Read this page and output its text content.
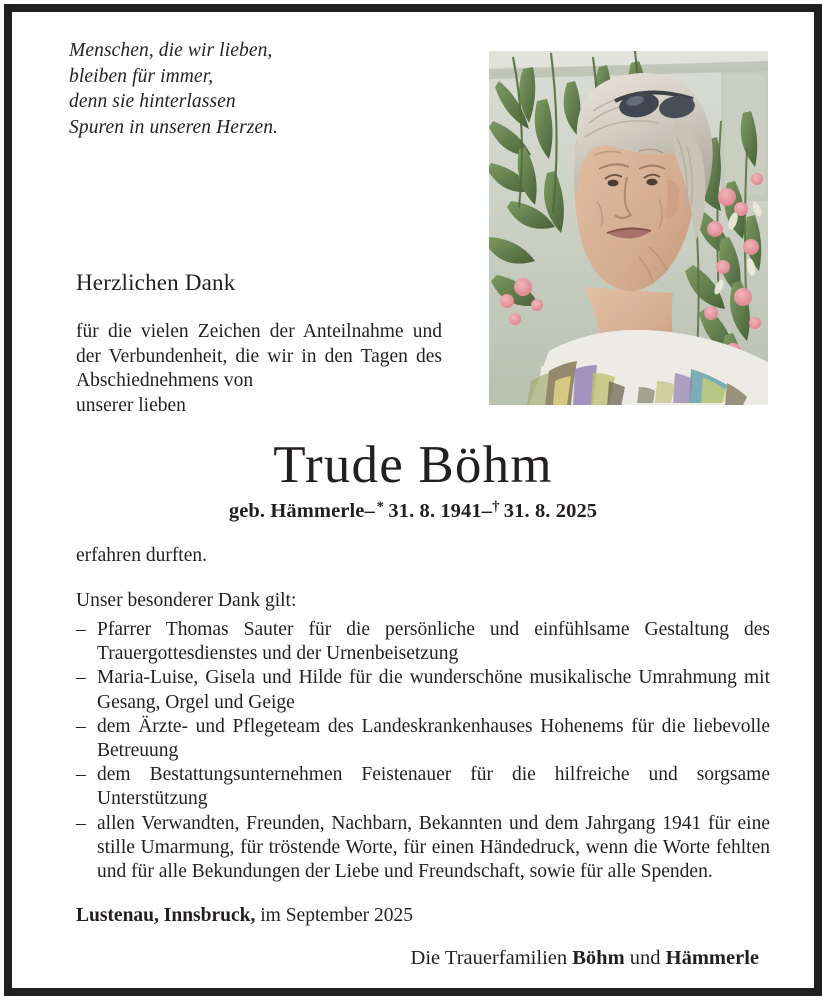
Menschen, die wir lieben,
bleiben für immer,
denn sie hinterlassen
Spuren in unseren Herzen.
Herzlichen Dank
für die vielen Zeichen der Anteilnahme und der Verbundenheit, die wir in den Tagen des Abschiednehmens von
unserer lieben
Trude Böhm
geb. Hämmerle–  *  31. 8. 1941–†  31. 8. 2025
erfahren durften.
Unser besonderer Dank gilt:
– Pfarrer Thomas Sauter für die persönliche und einfühlsame Gestaltung des Trauergottesdienstes und der Urnenbeisetzung
– Maria-Luise, Gisela und Hilde für die wunderschöne musikalische Umrahmung mit Gesang, Orgel und Geige
– dem Ärzte- und Pflegeteam des Landeskrankenhauses Hohenems für die liebevolle Betreuung
– dem Bestattungsunternehmen Feistenauer für die hilfreiche und sorgsame Unterstützung
– allen Verwandten, Freunden, Nachbarn, Bekannten und dem Jahrgang 1941 für eine stille Umarmung, für tröstende Worte, für einen Händedruck, wenn die Worte fehlten und für alle Bekundungen der Liebe und Freundschaft, sowie für alle Spenden.
Lustenau, Innsbruck, im September 2025
Die Trauerfamilien Böhm und Hämmerle
